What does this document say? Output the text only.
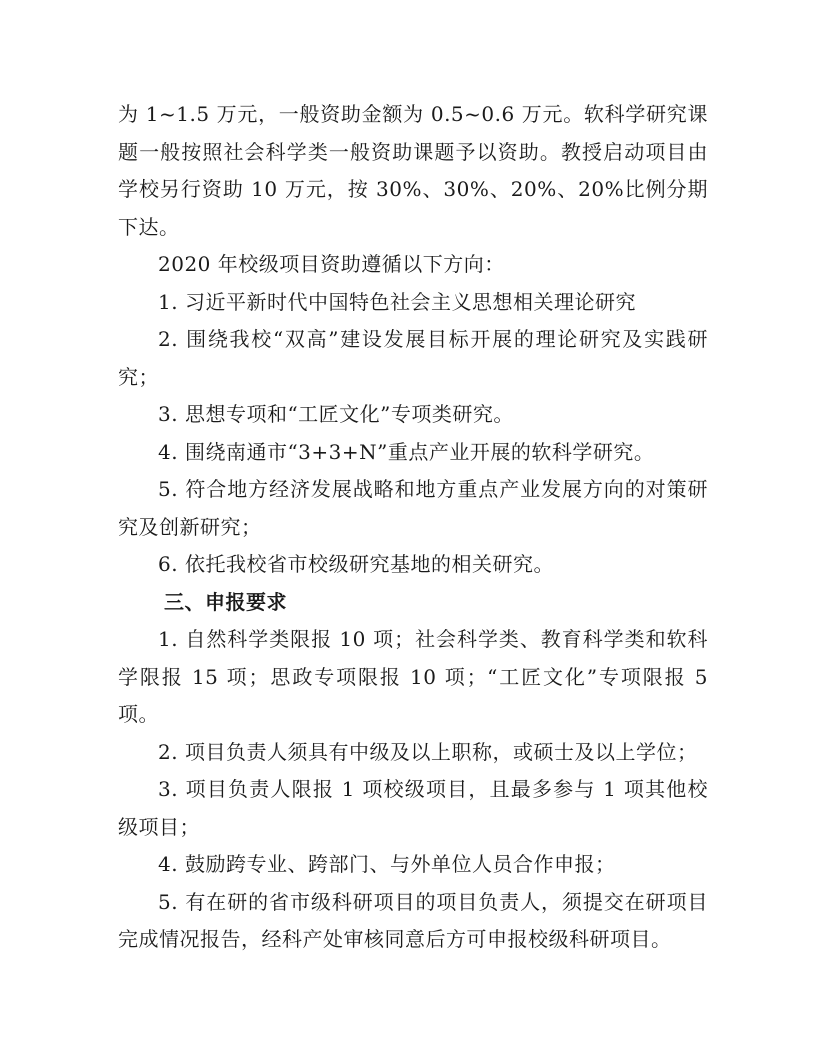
为 1~1.5 万元，一般资助金额为 0.5~0.6 万元。软科学研究课题一般按照社会科学类一般资助课题予以资助。教授启动项目由学校另行资助 10 万元，按 30%、30%、20%、20%比例分期下达。

2020 年校级项目资助遵循以下方向：

1. 习近平新时代中国特色社会主义思想相关理论研究

2. 围绕我校“双高”建设发展目标开展的理论研究及实践研究；

3. 思想专项和“工匠文化”专项类研究。

4. 围绕南通市“3+3+N”重点产业开展的软科学研究。

5. 符合地方经济发展战略和地方重点产业发展方向的对策研究及创新研究；

6. 依托我校省市校级研究基地的相关研究。

三、申报要求

1. 自然科学类限报 10 项；社会科学类、教育科学类和软科学限报 15 项；思政专项限报 10 项；“工匠文化”专项限报 5 项。

2. 项目负责人须具有中级及以上职称，或硕士及以上学位；

3. 项目负责人限报 1 项校级项目，且最多参与 1 项其他校级项目；

4. 鼓励跨专业、跨部门、与外单位人员合作申报；

5. 有在研的省市级科研项目的项目负责人，须提交在研项目完成情况报告，经科产处审核同意后方可申报校级科研项目。
